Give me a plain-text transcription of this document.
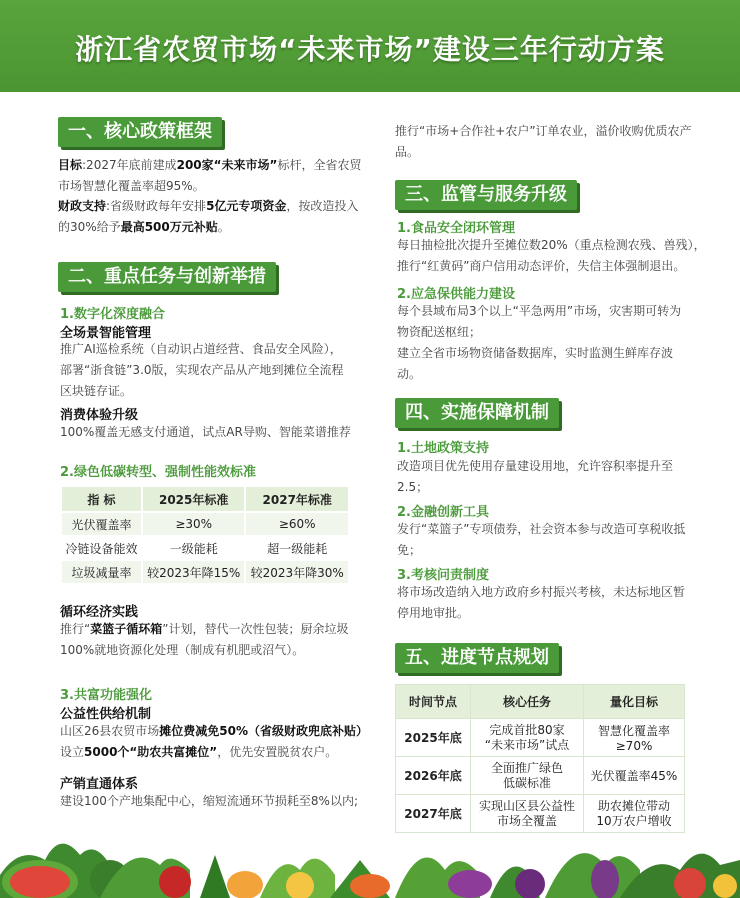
浙江省农贸市场“未来市场”建设三年行动方案
一、核心政策框架
目标:2027年底前建成200家“未来市场”标杆，全省农贸
市场智慧化覆盖率超95%。
财政支持:省级财政每年安排5亿元专项资金，按改造投入
的30%给予最高500万元补贴。
二、重点任务与创新举措
1.数字化深度融合
全场景智能管理
推广AI巡检系统（自动识占道经营、食品安全风险），
部署“浙食链”3.0版，实现农产品从产地到摊位全流程
区块链存证。
消费体验升级
100%覆盖无感支付通道，试点AR导购、智能菜谱推荐
2.绿色低碳转型、强制性能效标准
指 标	2025年标准	2027年标准
光伏覆盖率	≥30%	≥60%
冷链设备能效	一级能耗	超一级能耗
垃圾减量率	较2023年降15%	较2023年降30%
循环经济实践
推行“菜篮子循环箱”计划，替代一次性包装；厨余垃圾
100%就地资源化处理（制成有机肥或沼气）。
3.共富功能强化
公益性供给机制
山区26县农贸市场摊位费减免50%（省级财政兜底补贴）
设立5000个“助农共富摊位”，优先安置脱贫农户。
产销直通体系
建设100个产地集配中心，缩短流通环节损耗至8%以内;
推行“市场+合作社+农户”订单农业，溢价收购优质农产
品。
三、监管与服务升级
1.食品安全闭环管理
每日抽检批次提升至摊位数20%（重点检测农残、兽残），
推行“红黄码”商户信用动态评价，失信主体强制退出。
2.应急保供能力建设
每个县域布局3个以上“平急两用”市场，灾害期可转为
物资配送枢纽；
建立全省市场物资储备数据库，实时监测生鲜库存波
动。
四、实施保障机制
1.土地政策支持
改造项目优先使用存量建设用地，允许容积率提升至
2.5；
2.金融创新工具
发行“菜篮子”专项债券，社会资本参与改造可享税收抵
免；
3.考核问责制度
将市场改造纳入地方政府乡村振兴考核，未达标地区暂
停用地审批。
五、进度节点规划
时间节点	核心任务	量化目标
2025年底	完成首批80家
“未来市场”试点	智慧化覆盖率≥70%
2026年底	全面推广绿色
低碳标准	光伏覆盖率45%
2027年底	实现山区县公益性
市场全覆盖	助农摊位带动
10万农户增收
